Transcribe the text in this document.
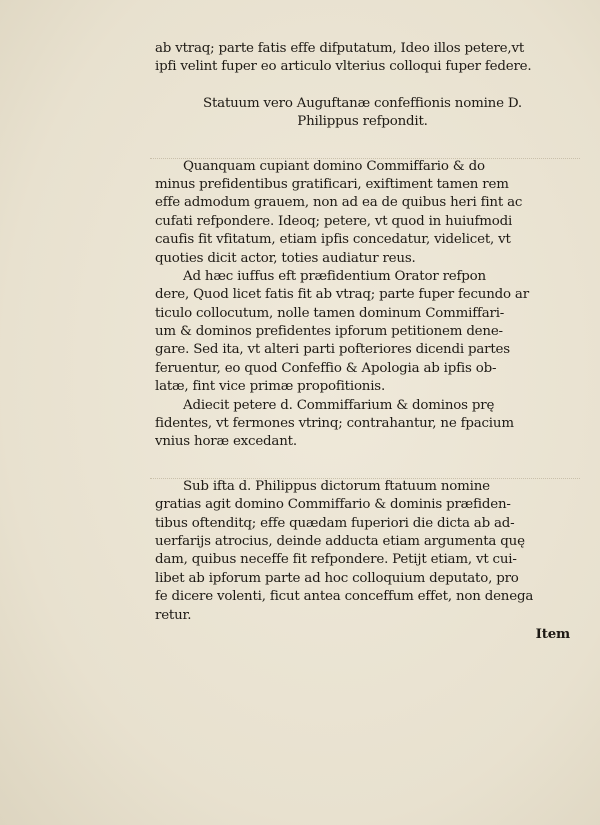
ab vtraq; parte fatis effe difputatum, Ideo illos petere,vt
ipfi velint fuper eo articulo vlterius colloqui fuper federe.
Statuum vero Auguftanæ confeffionis nomine D.
Philippus refpondit.
Quanquam cupiant domino Commiffario & do
minus prefidentibus gratificari, exiftiment tamen rem
effe admodum grauem, non ad ea de quibus heri fint ac
cufati refpondere. Ideoq; petere, vt quod in huiufmodi
caufis fit vfitatum, etiam ipfis concedatur, videlicet, vt
quoties dicit actor, toties audiatur reus.
Ad hæc iuffus eft præfidentium Orator refpon
dere, Quod licet fatis fit ab vtraq; parte fuper fecundo ar
ticulo collocutum, nolle tamen dominum Commiffari-
um & dominos prefidentes ipforum petitionem dene-
gare. Sed ita, vt alteri parti pofteriores dicendi partes
feruentur, eo quod Confeffio & Apologia ab ipfis ob-
latæ, fint vice primæ propofitionis.
Adiecit petere d. Commiffarium & dominos prę
fidentes, vt fermones vtrinq; contrahantur, ne fpacium
vnius horæ excedant.
Sub ifta d. Philippus dictorum ftatuum nomine
gratias agit domino Commiffario & dominis præfiden-
tibus oftenditq; effe quædam fuperiori die dicta ab ad-
uerfarijs atrocius, deinde adducta etiam argumenta quę
dam, quibus neceffe fit refpondere. Petijt etiam, vt cui-
libet ab ipforum parte ad hoc colloquium deputato, pro
fe dicere volenti, ficut antea conceffum effet, non denega
retur.
Item
